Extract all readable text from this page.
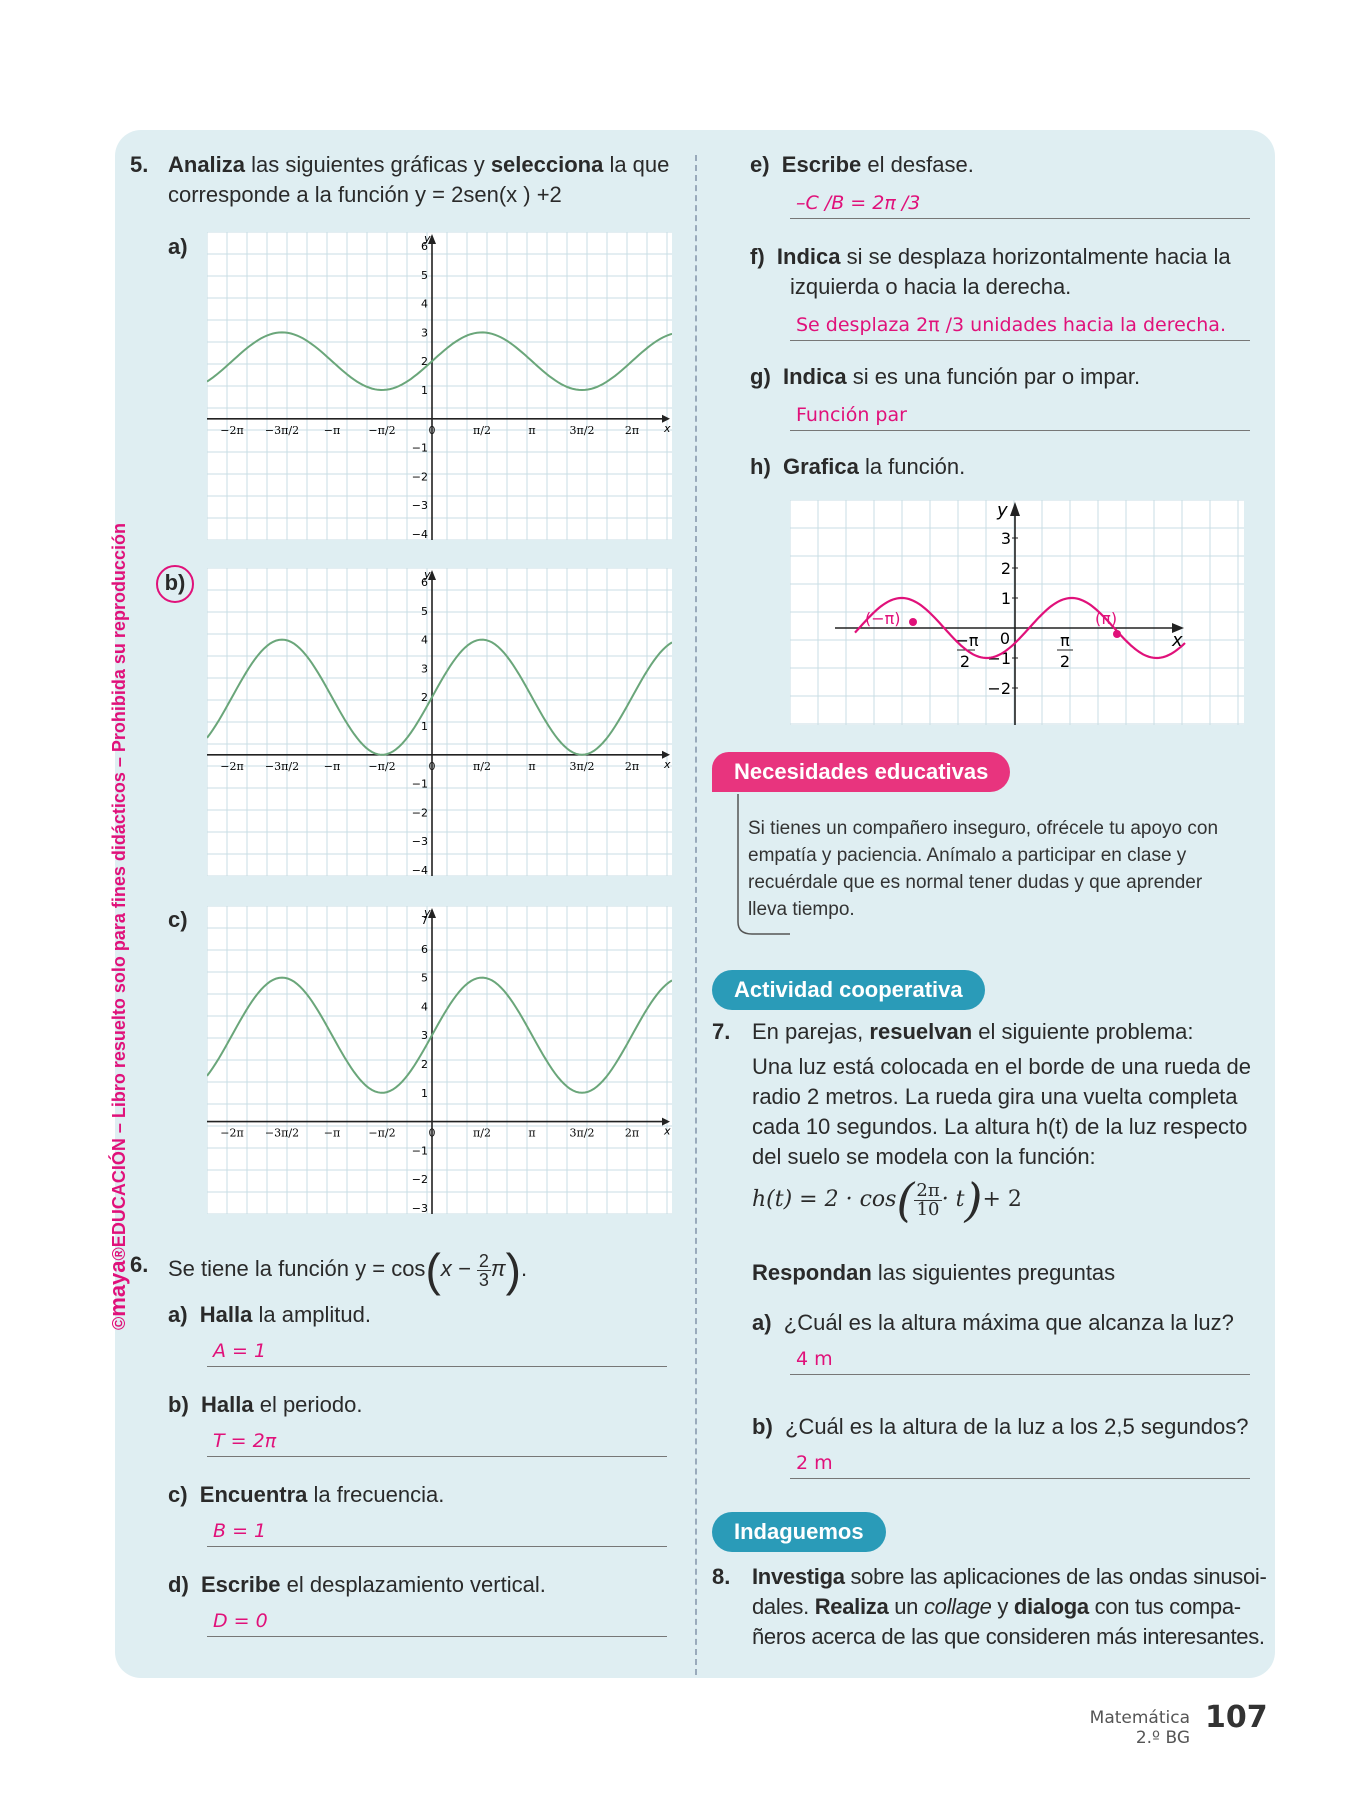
©maya®EDUCACIÓN – Libro resuelto solo para fines didácticos – Prohibida su reproducción
5. Analiza las siguientes gráficas y selecciona la que
corresponde a la función y = 2sen(x ) +2
a)
b)
c)
y
x
−2π −3π/2 −π	−π/2	0	π/2	π	3π/2	2π
6
5
4
3
2
1
−1
−2
−3
−4
y
x
−2π −3π/2 −π	−π/2	0	π/2	π	3π/2	2π
6
5
4
3
2
1
−1
−2
−3
−4
y
x
−2π −3π/2 −π	−π/2	0	π/2	π	3π/2	2π
7
6
5
4
3
2
1
−1
−2
−3
6. Se tiene la función $y = \cos(x - \frac{2}{3} \pi)$.
a) Halla la amplitud.
A = 1
b) Halla el periodo.
T = 2π
c) Encuentra la frecuencia.
B = 1
d) Escribe el desplazamiento vertical.
D = 0
e) Escribe el desfase.
–C /B = 2π /3
f) Indica si se desplaza horizontalmente hacia la
izquierda o hacia la derecha.
Se desplaza 2π /3 unidades hacia la derecha.
g) Indica si es una función par o impar.
Función par
h) Grafica la función.
y
x
3
2
1
0
−1
−2
−π
2
π
2
(−π)	(π)
Necesidades educativas
Si tienes un compañero inseguro, ofrécele tu apoyo con
empatía y paciencia. Anímalo a participar en clase y
recuérdale que es normal tener dudas y que aprender
lleva tiempo.
Actividad cooperativa
7. En parejas, resuelvan el siguiente problema:
Una luz está colocada en el borde de una rueda de
radio 2 metros. La rueda gira una vuelta completa
cada 10 segundos. La altura h(t) de la luz respecto
del suelo se modela con la función:
$h(t) = 2 \cdot \cos( \frac{2\pi}{10} \cdot t)+ 2$
Respondan las siguientes preguntas
a) ¿Cuál es la altura máxima que alcanza la luz?
4 m
b) ¿Cuál es la altura de la luz a los 2,5 segundos?
2 m
Indaguemos
8. Investiga sobre las aplicaciones de las ondas sinusoi-
dales. Realiza un collage y dialoga con tus compa-
ñeros acerca de las que consideren más interesantes.
Matemática
2.º BG
107
